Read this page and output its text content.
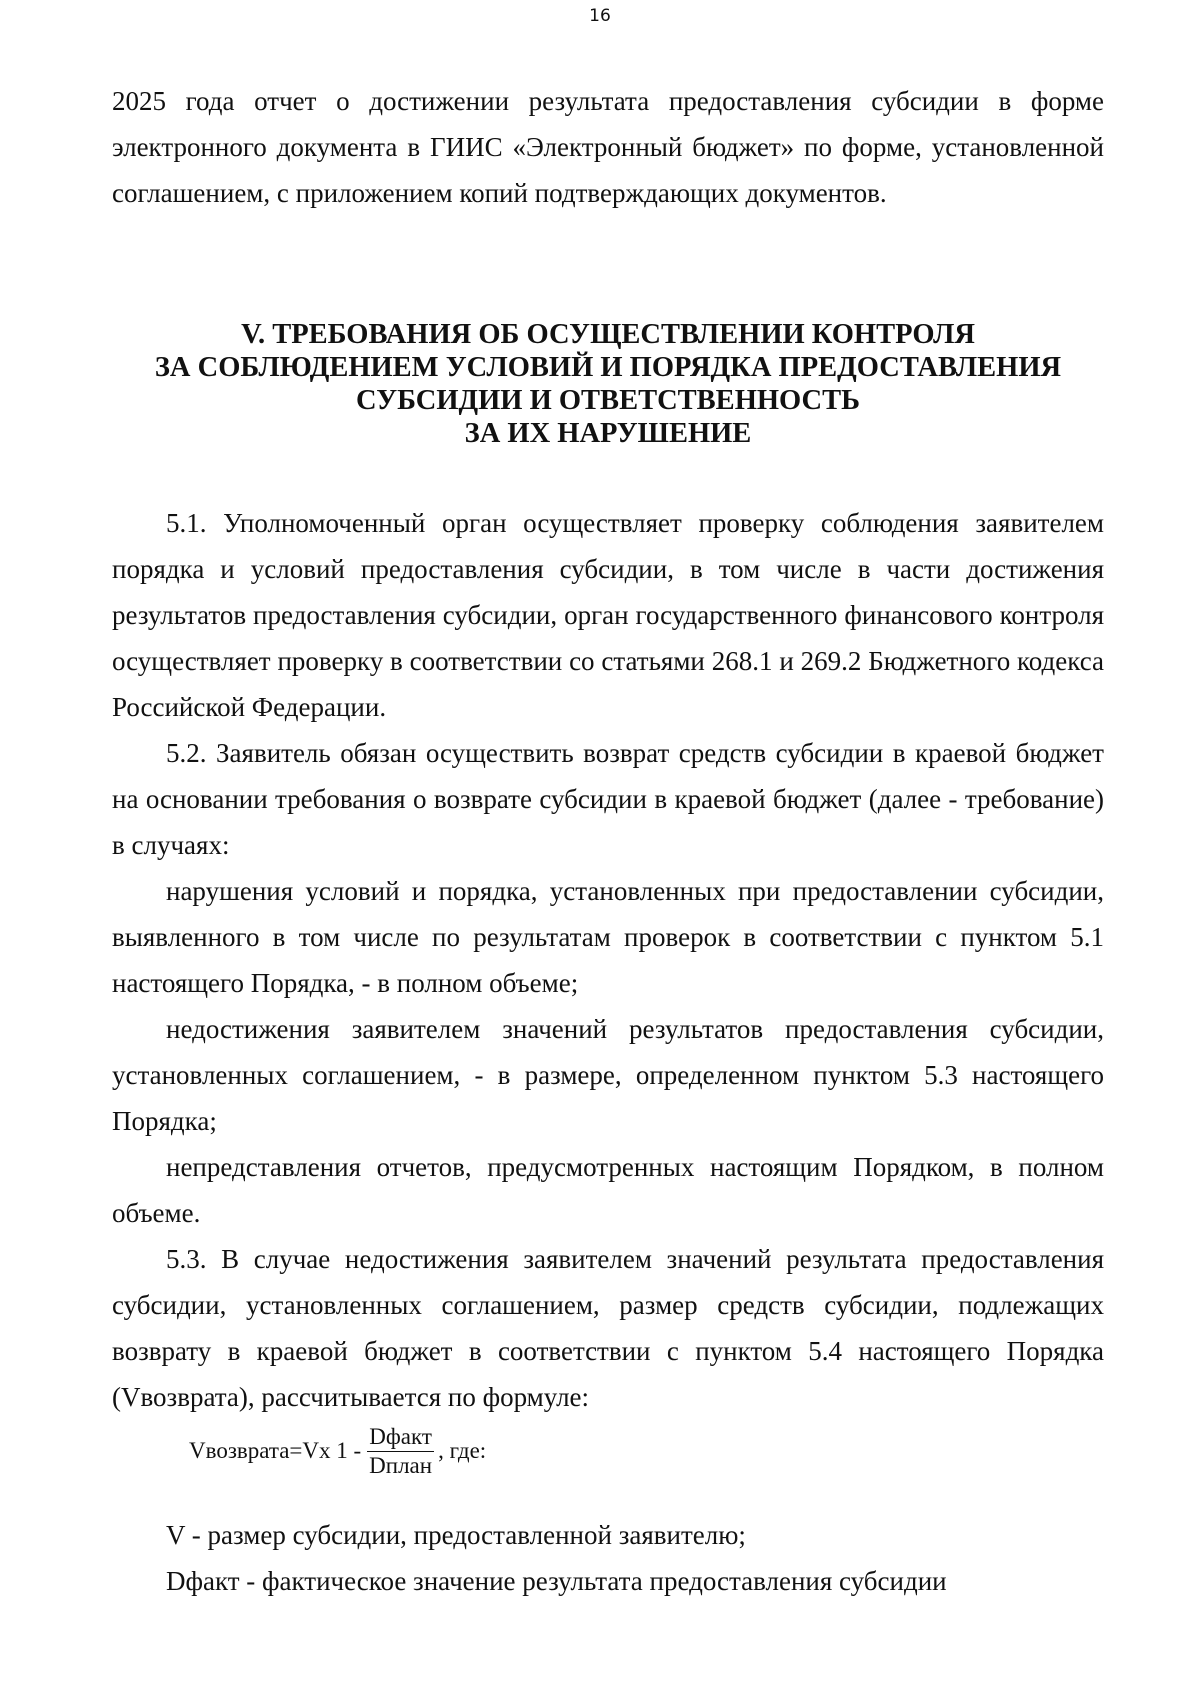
16

2025 года отчет о достижении результата предоставления субсидии в форме электронного документа в ГИИС «Электронный бюджет» по форме, установленной соглашением, с приложением копий подтверждающих документов.

V. ТРЕБОВАНИЯ ОБ ОСУЩЕСТВЛЕНИИ КОНТРОЛЯ
ЗА СОБЛЮДЕНИЕМ УСЛОВИЙ И ПОРЯДКА ПРЕДОСТАВЛЕНИЯ
СУБСИДИИ И ОТВЕТСТВЕННОСТЬ
ЗА ИХ НАРУШЕНИЕ

5.1. Уполномоченный орган осуществляет проверку соблюдения заявителем порядка и условий предоставления субсидии, в том числе в части достижения результатов предоставления субсидии, орган государственного финансового контроля осуществляет проверку в соответствии со статьями 268.1 и 269.2 Бюджетного кодекса Российской Федерации.

5.2. Заявитель обязан осуществить возврат средств субсидии в краевой бюджет на основании требования о возврате субсидии в краевой бюджет (далее - требование) в случаях:

нарушения условий и порядка, установленных при предоставлении субсидии, выявленного в том числе по результатам проверок в соответствии с пунктом 5.1 настоящего Порядка, - в полном объеме;

недостижения заявителем значений результатов предоставления субсидии, установленных соглашением, - в размере, определенном пунктом 5.3 настоящего Порядка;

непредставления отчетов, предусмотренных настоящим Порядком, в полном объеме.

5.3. В случае недостижения заявителем значений результата предоставления субсидии, установленных соглашением, размер средств субсидии, подлежащих возврату в краевой бюджет в соответствии с пунктом 5.4 настоящего Порядка (Vвозврата), рассчитывается по формуле:

Vвозврата=Vх $1 - \frac{\text{Dфакт}}{\text{Dплан}}$ , где:

V - размер субсидии, предоставленной заявителю;

Dфакт - фактическое значение результата предоставления субсидии
